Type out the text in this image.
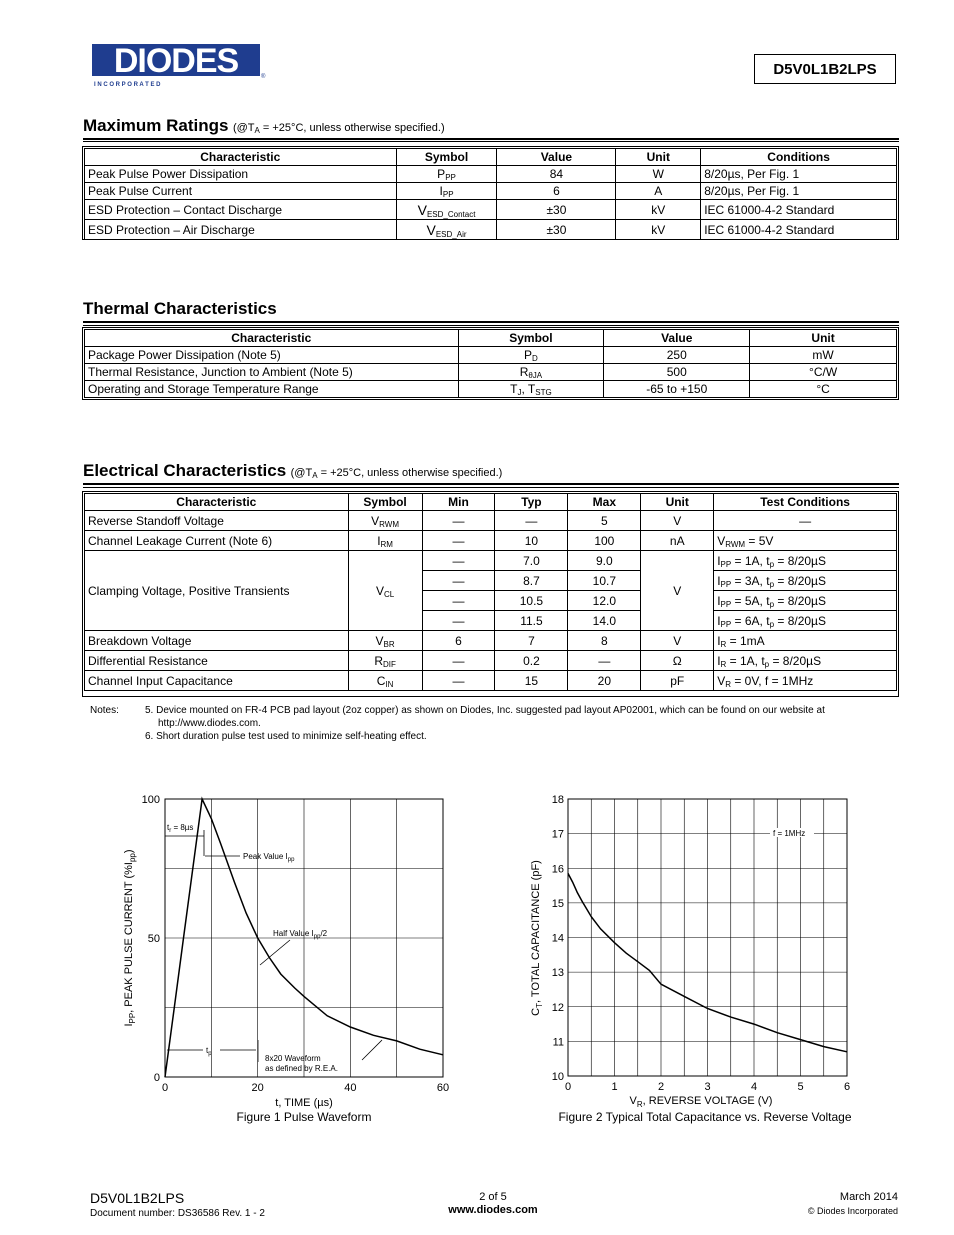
DIODES
I N C O R P O R A T E D
®	D5V0L1B2LPS
Maximum Ratings ($@T_A = +25^\circ C$, unless otherwise specified.)
Characteristic	Symbol	Value	Unit	Conditions
Peak Pulse Power Dissipation	$P_{PP}$	84	W	8/20µs, Per Fig. 1
Peak Pulse Current	$I_{PP}$	6	A	8/20µs, Per Fig. 1
ESD Protection – Contact Discharge	$V_{ESD\_Contact}$	±30	kV	IEC 61000-4-2 Standard
ESD Protection – Air Discharge	$V_{ESD\_Air}$	±30	kV	IEC 61000-4-2 Standard
Thermal Characteristics
Characteristic	Symbol	Value	Unit
Package Power Dissipation (Note 5)	$P_D$	250	mW
Thermal Resistance, Junction to Ambient (Note 5)	$R_{\theta JA}$	500	°C/W
Operating and Storage Temperature Range	$T_J$, $T_{STG}$	-65 to +150	°C
Electrical Characteristics ($@T_A = +25^\circ C$, unless otherwise specified.)
Characteristic	Symbol	Min	Typ	Max	Unit	Test Conditions
Reverse Standoff Voltage	$V_{RWM}$	—	—	5	V	—
Channel Leakage Current (Note 6)	$I_{RM}$	—	10	100	nA	$V_{RWM} = 5V$
Clamping Voltage, Positive Transients	$V_{CL}$	—	7.0	9.0	V	$I_{PP} = 1A$, $t_p = 8/20\mu S$
		—	8.7	10.7		$I_{PP} = 3A$, $t_p = 8/20\mu S$
		—	10.5	12.0		$I_{PP} = 5A$, $t_p = 8/20\mu S$
		—	11.5	14.0		$I_{PP} = 6A$, $t_p = 8/20\mu S$
Breakdown Voltage	$V_{BR}$	6	7	8	V	$I_R = 1mA$
Differential Resistance	$R_{DIF}$	—	0.2	—	Ω	$I_R = 1A$, $t_p = 8/20\mu S$
Channel Input Capacitance	$C_{IN}$	—	15	20	pF	$V_R = 0V$, f = 1MHz
Notes:	5. Device mounted on FR-4 PCB pad layout (2oz copper) as shown on Diodes, Inc. suggested pad layout AP02001, which can be found on our website at
http://www.diodes.com.
6. Short duration pulse test used to minimize self-heating effect.
0	20	40	60
0
50
100
$t_r = 8\mu s$
Peak Value $I_{pp}$
Half Value $I_{pp}/2$
$t_p$	8x20 Waveform
as defined by R.E.A.
t, TIME (µs)
$I_{PP}$, PEAK PULSE CURRENT $(\%I_{pp})$
Figure 1 Pulse Waveform
0	1	2	3	4	5	6
10
11
12
13
14
15
16
17
18
f = 1MHz
$V_R$, REVERSE VOLTAGE (V)
$C_T$, TOTAL CAPACITANCE (pF)
Figure 2 Typical Total Capacitance vs. Reverse Voltage
D5V0L1B2LPS
Document number: DS36586 Rev. 1 - 2
2 of 5
www.diodes.com
March 2014
© Diodes Incorporated
